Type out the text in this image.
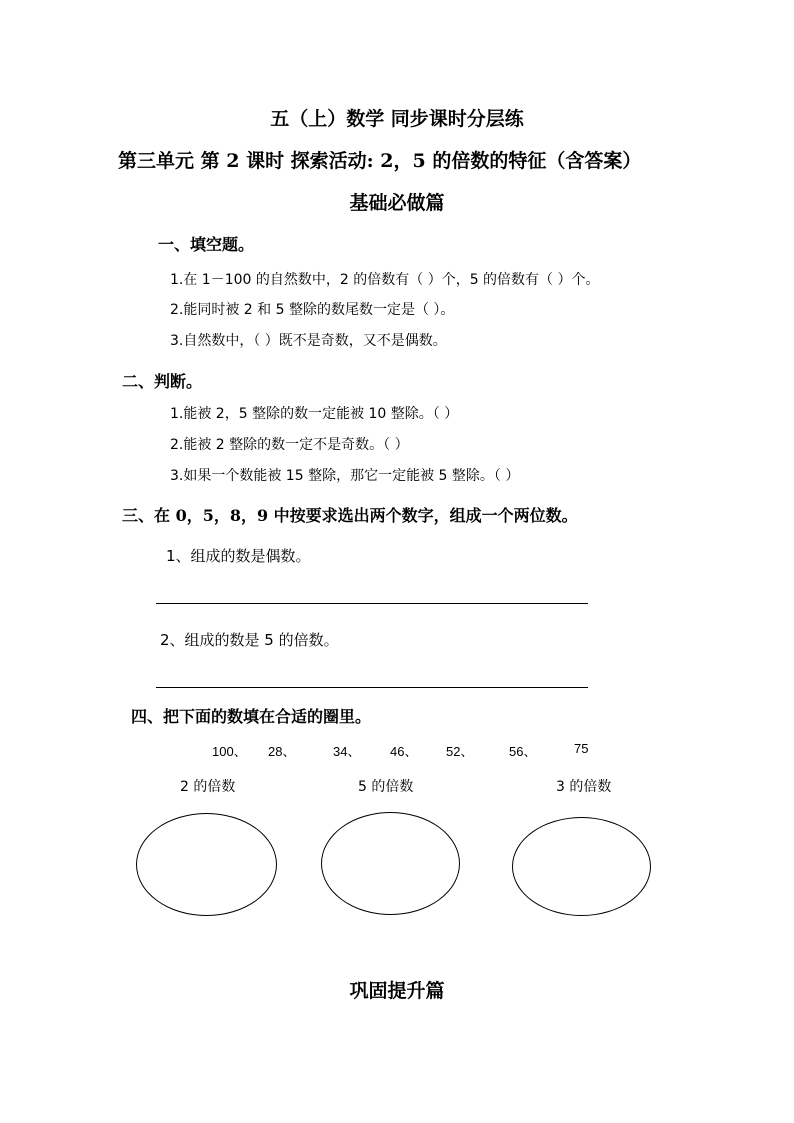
五（上）数学 同步课时分层练
第三单元 第 2 课时 探索活动: 2，5 的倍数的特征（含答案）
基础必做篇
一、填空题。
1.在 1－100 的自然数中，2 的倍数有（ ）个，5 的倍数有（ ）个。
2.能同时被 2 和 5 整除的数尾数一定是（ ）。
3.自然数中，（ ）既不是奇数，又不是偶数。
二、判断。
1.能被 2，5 整除的数一定能被 10 整除。（ ）
2.能被 2 整除的数一定不是奇数。（ ）
3.如果一个数能被 15 整除，那它一定能被 5 整除。（ ）
三、在 0，5，8，9 中按要求选出两个数字，组成一个两位数。
1、组成的数是偶数。
2、组成的数是 5 的倍数。
四、把下面的数填在合适的圈里。
100、 28、	34、 46、 52、	56、	75
2 的倍数	5 的倍数	3 的倍数
巩固提升篇
